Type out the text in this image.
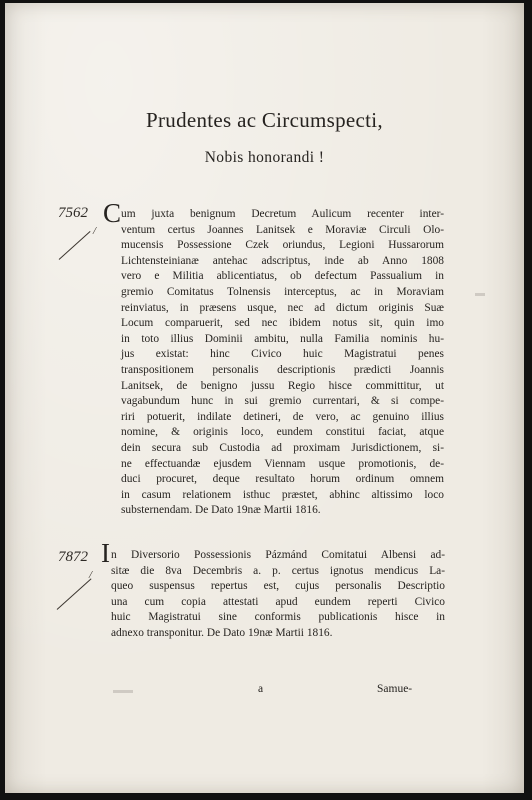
Prudentes ac Circumspecti,
Nobis honorandi !
7562
/
C um juxta benignum Decretum Aulicum recenter inter-
ventum certus Joannes Lanitsek e Moraviæ Circuli Olo-
mucensis Possessione Czek oriundus, Legioni Hussarorum
Lichtensteinianæ antehac adscriptus, inde ab Anno 1808
vero e Militia ablicentiatus, ob defectum Passualium in
gremio Comitatus Tolnensis interceptus, ac in Moraviam
reinviatus, in præsens usque, nec ad dictum originis Suæ
Locum comparuerit, sed nec ibidem notus sit, quin imo
in toto illius Dominii ambitu, nulla Familia nominis hu-
jus existat: hinc Civico huic Magistratui penes
transpositionem personalis descriptionis prædicti Joannis
Lanitsek, de benigno jussu Regio hisce committitur, ut
vagabundum hunc in sui gremio currentari, & si compe-
riri potuerit, indilate detineri, de vero, ac genuino illius
nomine, & originis loco, eundem constitui faciat, atque
dein secura sub Custodia ad proximam Jurisdictionem, si-
ne effectuandæ ejusdem Viennam usque promotionis, de-
duci procuret, deque resultato horum ordinum omnem
in casum relationem isthuc præstet, abhinc altissimo loco
substernendam. De Dato 19næ Martii 1816.
7872
/
I n Diversorio Possessionis Pázmánd Comitatui Albensi ad-
sitæ die 8va Decembris a. p. certus ignotus mendicus La-
queo suspensus repertus est, cujus personalis Descriptio
una cum copia attestati apud eundem reperti Civico
huic Magistratui sine conformis publicationis hisce in
adnexo transponitur. De Dato 19næ Martii 1816.
▬▬
▬
a	Samue-
